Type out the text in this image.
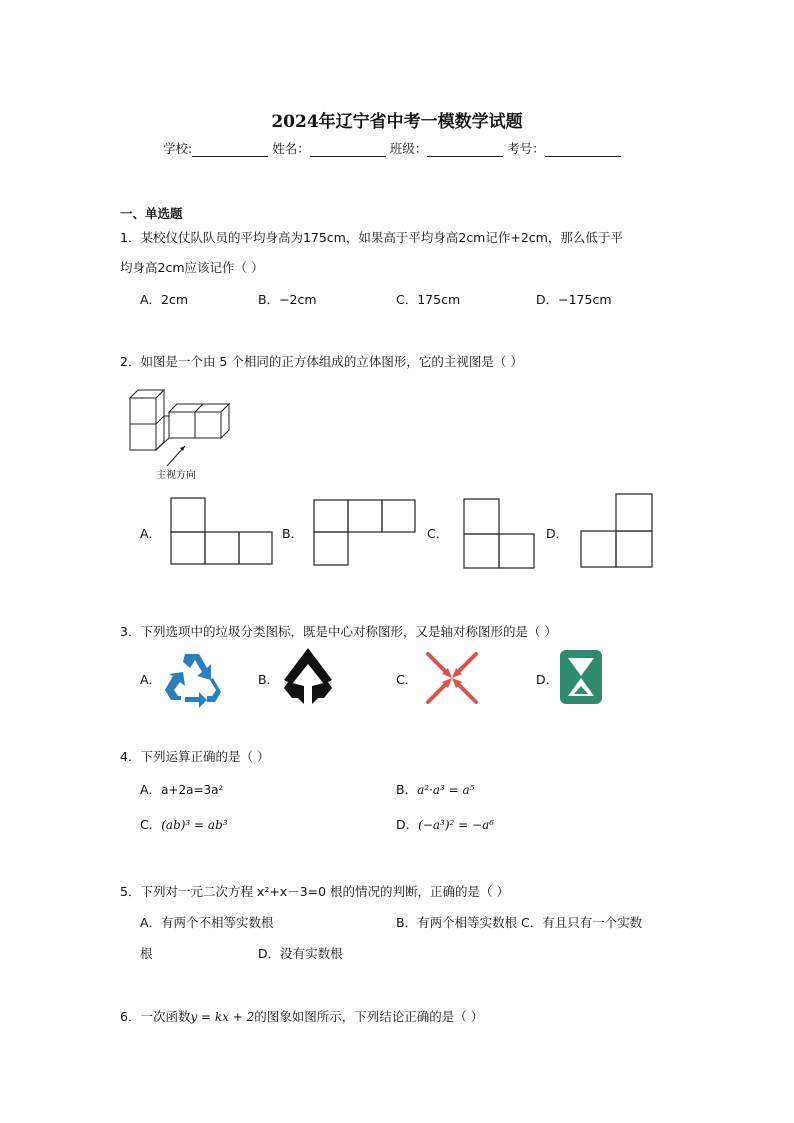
2024年辽宁省中考一模数学试题
学校:	姓名：	班级：	考号：
一、单选题
1．某校仪仗队队员的平均身高为175cm，如果高于平均身高2cm记作+2cm，那么低于平
均身高2cm应该记作（ ）
A．2cm	B．−2cm	C．175cm	D．−175cm
2．如图是一个由 5 个相同的正方体组成的立体图形，它的主视图是（ ）
主视方向
A．	B．	C．	D．
3．下列选项中的垃圾分类图标，既是中心对称图形，又是轴对称图形的是（ ）
A．	B．	C．	D．
4．下列运算正确的是（ ）
A．a+2a=3a²	B．a²·a³ = a⁵
C．(ab)³ = ab³	D．(−a³)² = −a⁶
5．下列对一元二次方程 x²+x－3=0 根的情况的判断，正确的是（ ）
A．有两个不相等实数根	B．有两个相等实数根 C．有且只有一个实数
根	D．没有实数根
6．一次函数y = kx + 2的图象如图所示，下列结论正确的是（ ）
